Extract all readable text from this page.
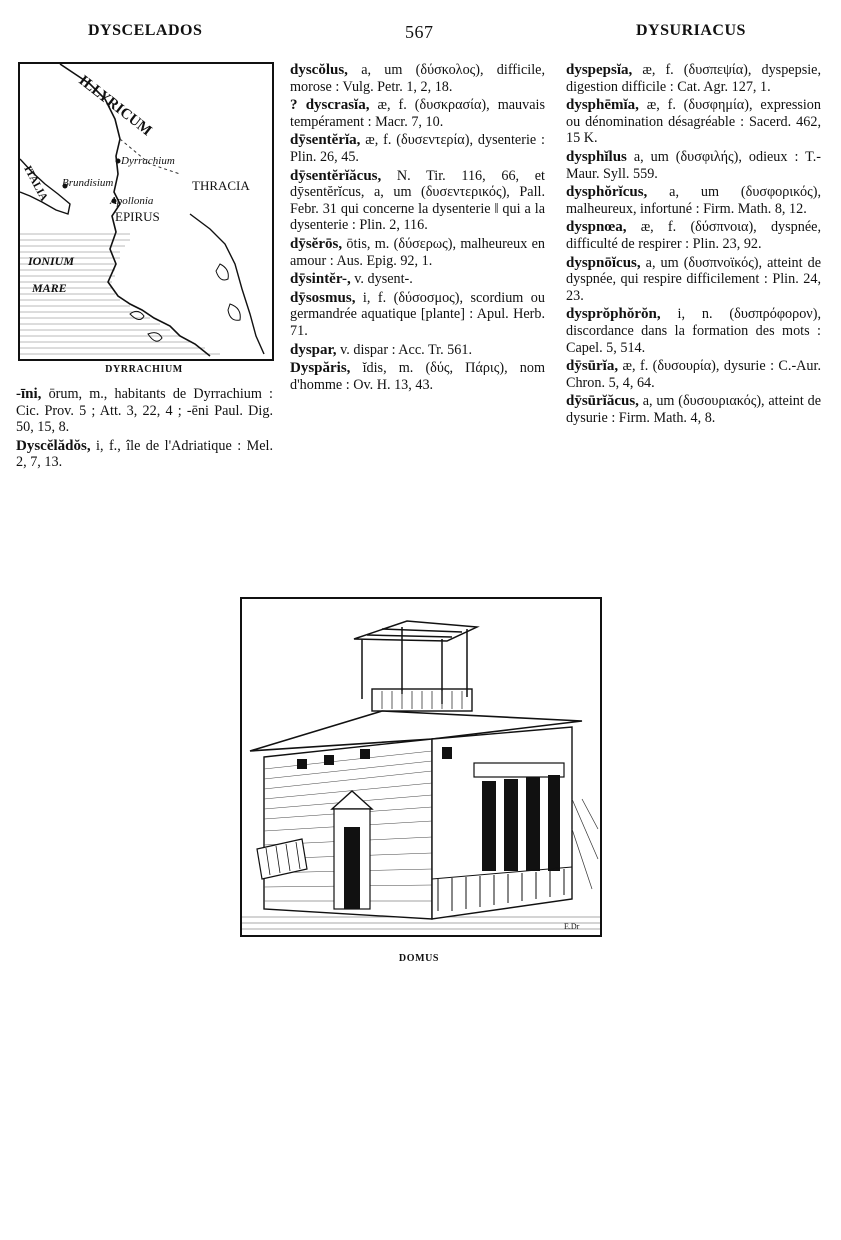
DYSCELADOS	567	DYSURIACUS
ILLYRICUM
Dyrrachium
Brundisium
Apollonia
THRACIA
ITALIA
EPIRUS
IONIUM
MARE
DYRRACHIUM

-īni, ōrum, m., habitants de Dyrrachium : Cic. Prov. 5 ; Att. 3, 22, 4 ; -ēni Paul. Dig. 50, 15, 8.

Dyscĕlădŏs, i, f., île de l'Adriatique : Mel. 2, 7, 13.

dyscŏlus, a, um (δύσκολος), difficile, morose : Vulg. Petr. 1, 2, 18.

? dyscrasĭa, æ, f. (δυσκρασία), mauvais tempérament : Macr. 7, 10.

dȳsentĕrĭa, æ, f. (δυσεντερία), dysenterie : Plin. 26, 45.

dȳsentĕrĭăcus, N. Tir. 116, 66, et dȳsentĕrĭcus, a, um (δυσεντερικός), Pall. Febr. 31 qui concerne la dysenterie ‖ qui a la dysenterie : Plin. 2, 116.

dȳsĕrōs, ōtis, m. (δύσερως), malheureux en amour : Aus. Epig. 92, 1.

dȳsintĕr-, v. dysent-.

dȳsosmus, i, f. (δύσοσμος), scordium ou germandrée aquatique [plante] : Apul. Herb. 71.

dyspar, v. dispar : Acc. Tr. 561.

Dyspăris, ĭdis, m. (δύς, Πάρις), nom d'homme : Ov. H. 13, 43.

dyspepsĭa, æ, f. (δυσπεψία), dyspepsie, digestion difficile : Cat. Agr. 127, 1.

dysphēmĭa, æ, f. (δυσφημία), expression ou dénomination désagréable : Sacerd. 462, 15 K.

dysphĭlus a, um (δυσφιλής), odieux : T.-Maur. Syll. 559.

dysphŏrĭcus, a, um (δυσφορικός), malheureux, infortuné : Firm. Math. 8, 12.

dyspnœa, æ, f. (δύσπνοια), dyspnée, difficulté de respirer : Plin. 23, 92.

dyspnōĭcus, a, um (δυσπνοϊκός), atteint de dyspnée, qui respire difficilement : Plin. 24, 23.

dysprŏphŏrŏn, i, n. (δυσπρόφορον), discordance dans la formation des mots : Capel. 5, 514.

dȳsūrĭa, æ, f. (δυσουρία), dysurie : C.-Aur. Chron. 5, 4, 64.

dȳsūrĭăcus, a, um (δυσουριακός), atteint de dysurie : Firm. Math. 4, 8.

E.Dr
DOMUS
